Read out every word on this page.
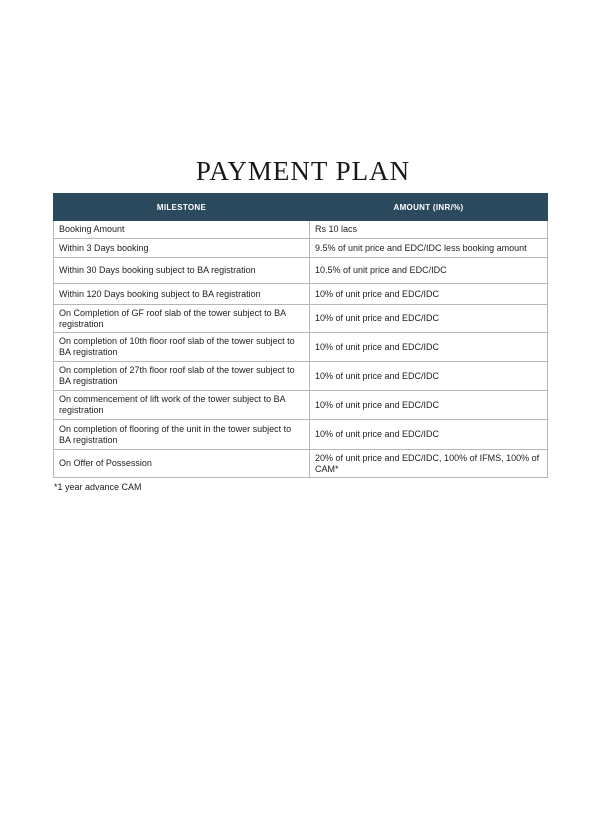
PAYMENT PLAN
MILESTONE	AMOUNT (INR/%)
Booking Amount	Rs 10 lacs
Within 3 Days booking	9.5% of unit price and EDC/IDC less booking amount
Within 30 Days booking subject to BA registration	10.5% of unit price and EDC/IDC
Within 120 Days booking subject to BA registration	10% of unit price and EDC/IDC
On Completion of GF roof slab of the tower subject to BA registration	10% of unit price and EDC/IDC
On completion of 10th floor roof slab of the tower subject to BA registration	10% of unit price and EDC/IDC
On completion of 27th floor roof slab of the tower subject to BA registration	10% of unit price and EDC/IDC
On commencement of lift work of the tower subject to BA registration	10% of unit price and EDC/IDC
On completion of flooring of the unit in the tower subject to BA registration	10% of unit price and EDC/IDC
On Offer of Possession	20% of unit price and EDC/IDC, 100% of IFMS, 100% of CAM*
*1 year advance CAM
